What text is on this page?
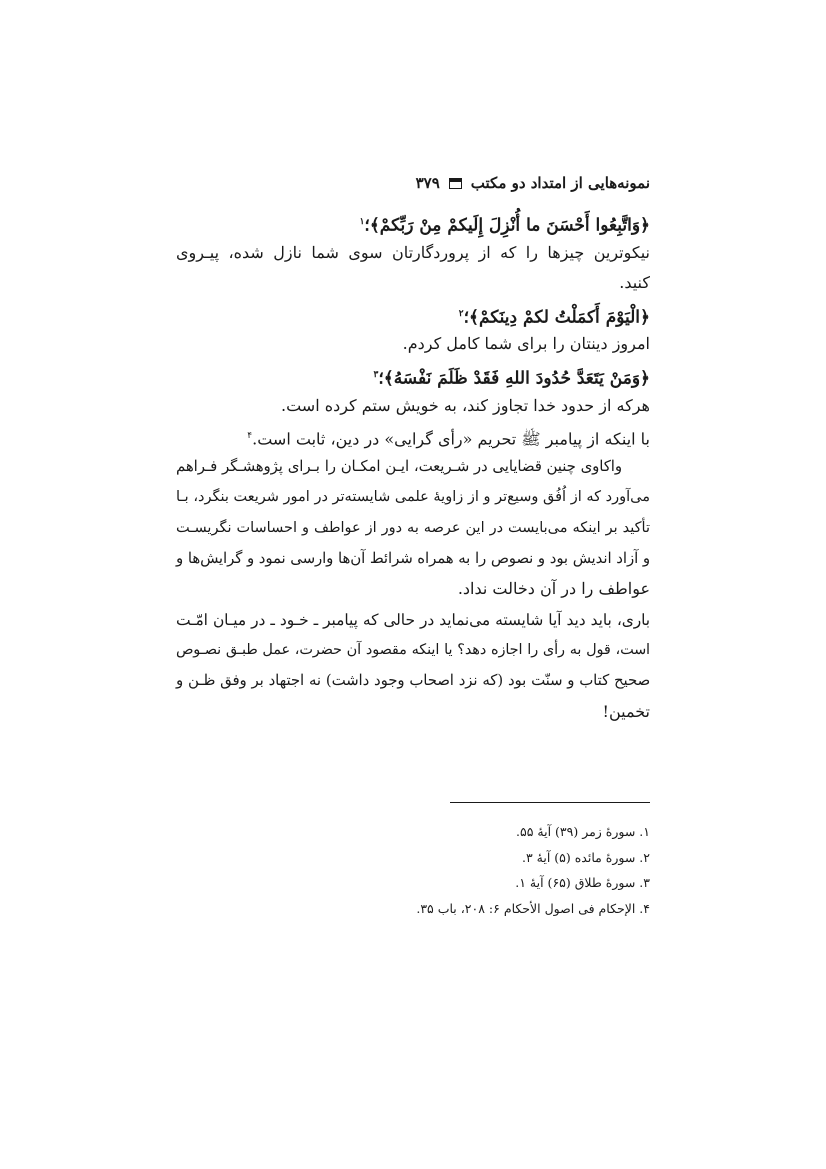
نمونه‌هایی از امتداد دو مکتب
۳۷۹
﴿وَاتَّبِعُوا أَحْسَنَ ما أُنْزِلَ إِلَيكمْ مِنْ رَبِّكمْ﴾؛$^۱$
نیکوترین چیزها را که از پروردگارتان سوی شما نازل شده، پیـروی
کنید.
﴿الْيَوْمَ أَكمَلْتُ لكمْ دِينَكمْ﴾؛$^۲$
امروز دینتان را برای شما کامل کردم.
﴿وَمَنْ يَتَعَدَّ حُدُودَ اللهِ فَقَدْ ظَلَمَ نَفْسَهُ﴾؛$^۳$
هرکه از حدود خدا تجاوز کند، به خویش ستم کرده است.
با اینکه از پیامبر ﷺ تحریم «رأی گرایی» در دین، ثابت است.$^۴$
واکاوی چنین قضایایی در شـریعت، ایـن امکـان را بـرای پژوهشـگر فـراهم
می‌آورد که از اُفُق وسیع‌تر و از زاویهٔ علمی شایسته‌تر در امور شریعت بنگرد، بـا
تأکید بر اینکه می‌بایست در این عرصه به دور از عواطف و احساسات نگریسـت
و آزاد اندیش بود و نصوص را به همراه شرائط آن‌ها وارسی نمود و گرایش‌ها و
عواطف را در آن دخالت نداد.
باری، باید دید آیا شایسته می‌نماید در حالی که پیامبر ـ خـود ـ در میـان امّـت
است، قول به رأی را اجازه دهد؟ یا اینکه مقصود آن حضرت، عمل طبـق نصـوص
صحیح کتاب و سنّت بود (که نزد اصحاب وجود داشت) نه اجتهاد بر وفق ظـن و
تخمین!
۱. سورهٔ زمر (۳۹) آیهٔ ۵۵.
۲. سورهٔ مائده (۵) آیهٔ ۳.
۳. سورهٔ طلاق (۶۵) آیهٔ ۱.
۴. الإحکام فی اصول الأحکام ۶: ۲۰۸، باب ۳۵.
